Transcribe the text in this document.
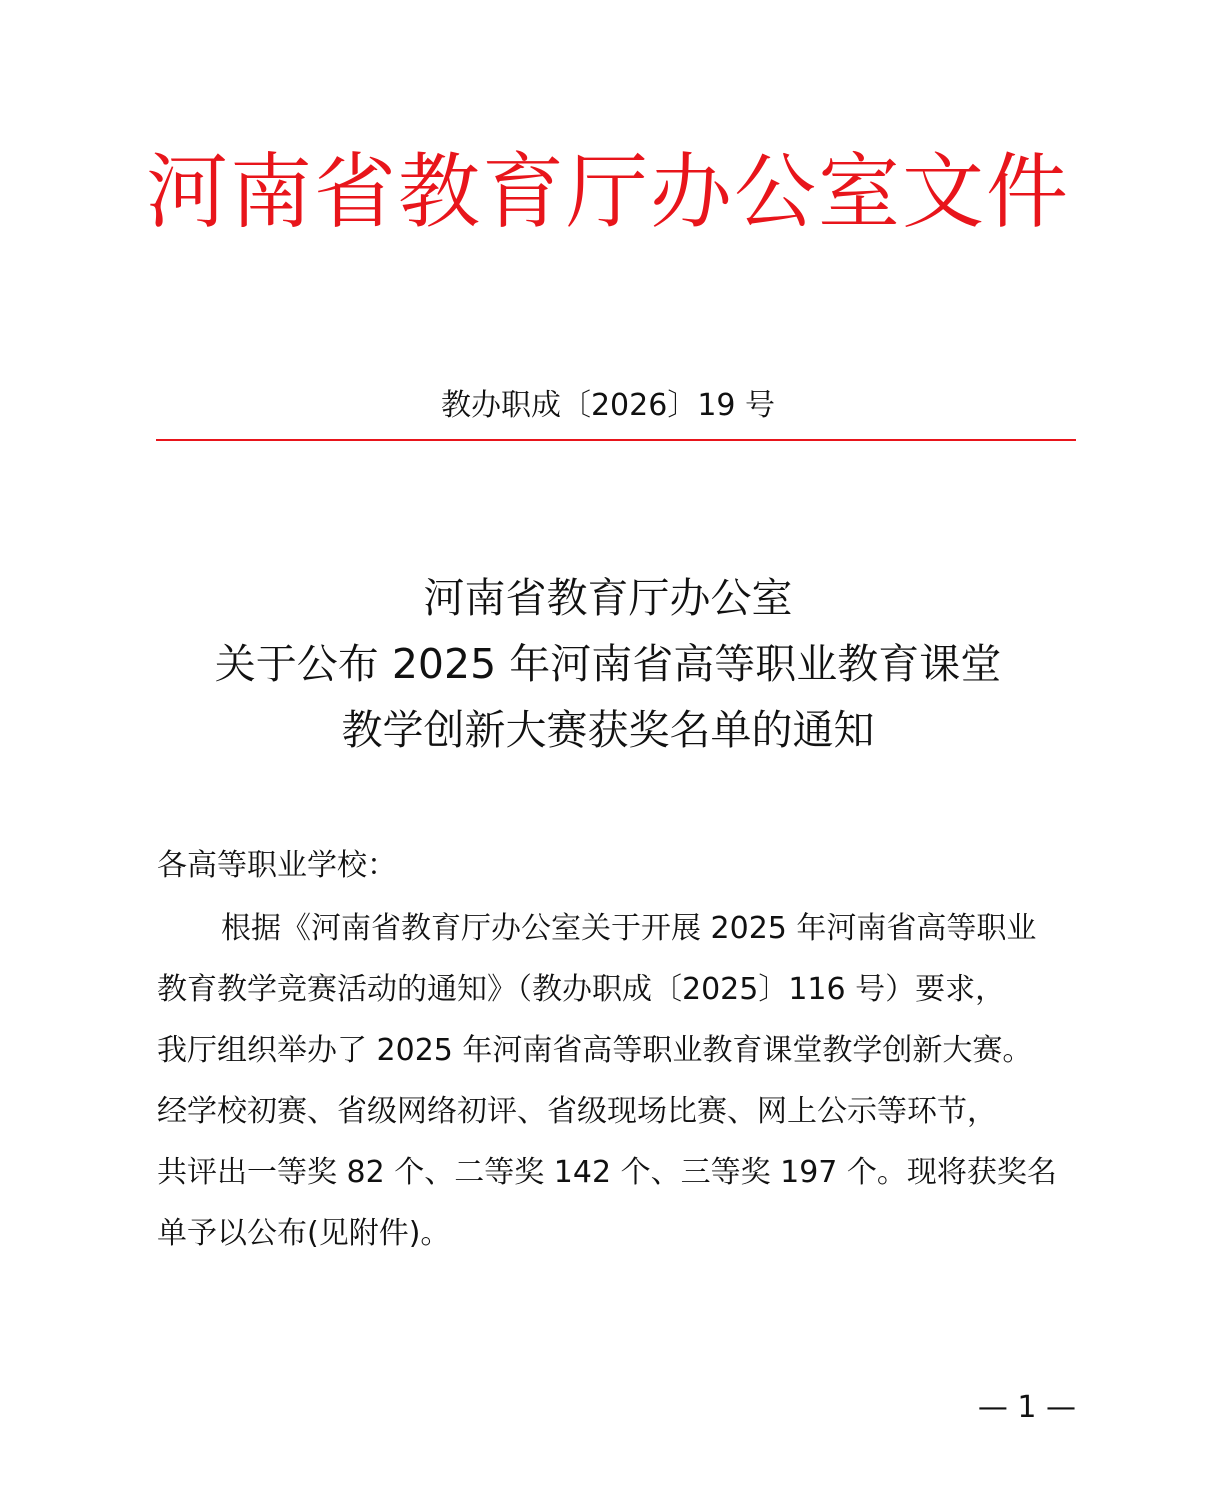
河南省教育厅办公室文件
教办职成〔2026〕19 号
河南省教育厅办公室
关于公布 2025 年河南省高等职业教育课堂
教学创新大赛获奖名单的通知
各高等职业学校：
根据《河南省教育厅办公室关于开展 2025 年河南省高等职业
教育教学竞赛活动的通知》（教办职成〔2025〕116 号）要求，
我厅组织举办了 2025 年河南省高等职业教育课堂教学创新大赛。
经学校初赛、省级网络初评、省级现场比赛、网上公示等环节，
共评出一等奖 82 个、二等奖 142 个、三等奖 197 个。现将获奖名
单予以公布(见附件)。
— 1 —
